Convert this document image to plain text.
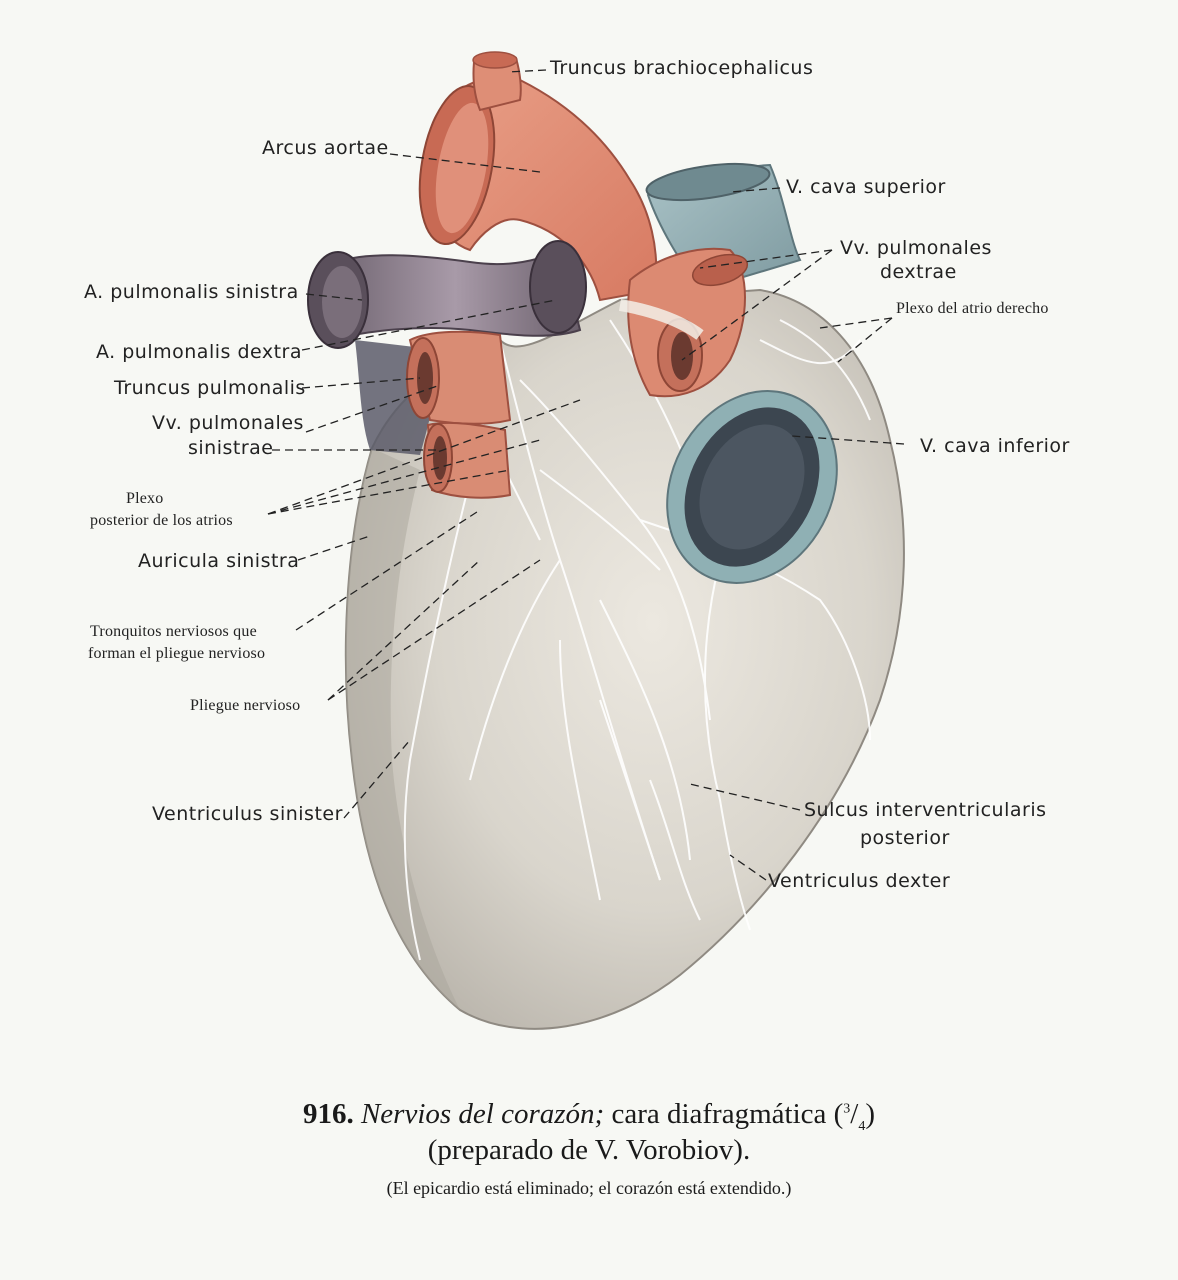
Truncus brachiocephalicus
Arcus aortae
V. cava superior
Vv. pulmonales
dextrae
Plexo del atrio derecho
A. pulmonalis sinistra
A. pulmonalis dextra
Truncus pulmonalis
Vv. pulmonales
sinistrae	V. cava inferior
Plexo
posterior de los atrios
Auricula sinistra
Tronquitos nerviosos que
forman el pliegue nervioso
Pliegue nervioso
Ventriculus sinister	Sulcus interventricularis
posterior
Ventriculus dexter
916. Nervios del corazón; cara diafragmática $(^3/_4)$
(preparado de V. Vorobiov).
(El epicardio está eliminado; el corazón está extendido.)
